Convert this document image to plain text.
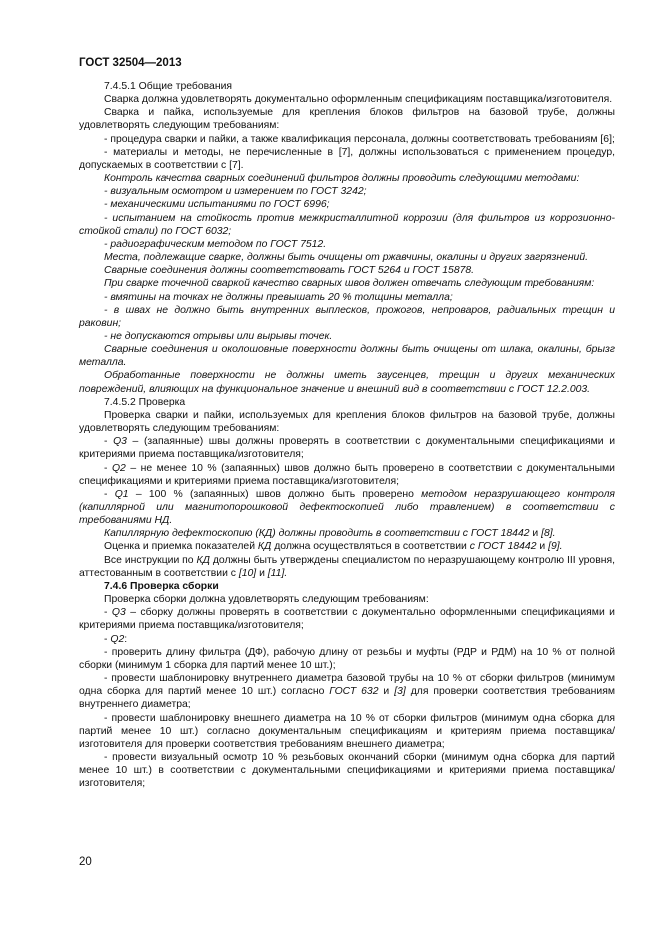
ГОСТ 32504—2013

7.4.5.1 Общие требования

Сварка должна удовлетворять документально оформленным спецификациям поставщика/изготовителя.

Сварка и пайка, используемые для крепления блоков фильтров на базовой трубе, должны удовлетворять следующим требованиям:

- процедура сварки и пайки, а также квалификация персонала, должны соответствовать требованиям [6];

- материалы и методы, не перечисленные в [7], должны использоваться с применением процедур, допускаемых в соответствии с [7].

Контроль качества сварных соединений фильтров должны проводить следующими методами:

- визуальным осмотром и измерением по ГОСТ 3242;

- механическими испытаниями по ГОСТ 6996;

- испытанием на стойкость против межкристаллитной коррозии (для фильтров из коррозионно-стойкой стали) по ГОСТ 6032;

- радиографическим методом по ГОСТ 7512.

Места, подлежащие сварке, должны быть очищены от ржавчины, окалины и других загрязнений.

Сварные соединения должны соответствовать ГОСТ 5264 и ГОСТ 15878.

При сварке точечной сваркой качество сварных швов должен отвечать следующим требованиям:

- вмятины на точках не должны превышать 20 % толщины металла;

- в швах не должно быть внутренних выплесков, прожогов, непроваров, радиальных трещин и раковин;

- не допускаются отрывы или вырывы точек.

Сварные соединения и околошовные поверхности должны быть очищены от шлака, окалины, брызг металла.

Обработанные поверхности не должны иметь заусенцев, трещин и других механических повреждений, влияющих на функциональное значение и внешний вид в соответствии с ГОСТ 12.2.003.

7.4.5.2 Проверка

Проверка сварки и пайки, используемых для крепления блоков фильтров на базовой трубе, должны удовлетворять следующим требованиям:

- Q3 – (запаянные) швы должны проверять в соответствии с документальными спецификациями и критериями приема поставщика/изготовителя;

- Q2 – не менее 10 % (запаянных) швов должно быть проверено в соответствии с документальными спецификациями и критериями приема поставщика/изготовителя;

- Q1 – 100 % (запаянных) швов должно быть проверено методом неразрушающего контроля (капиллярной или магнитопорошковой дефектоскопией либо травлением) в соответствии с требованиями НД.

Капиллярную дефектоскопию (КД) должны проводить в соответствии с ГОСТ 18442 и [8].

Оценка и приемка показателей КД должна осуществляться в соответствии с ГОСТ 18442 и [9].

Все инструкции по КД должны быть утверждены специалистом по неразрушающему контролю III уровня, аттестованным в соответствии с [10] и [11].

7.4.6 Проверка сборки

Проверка сборки должна удовлетворять следующим требованиям:

- Q3 – сборку должны проверять в соответствии с документально оформленными спецификациями и критериями приема поставщика/изготовителя;

- Q2:

- проверить длину фильтра (ДФ), рабочую длину от резьбы и муфты (РДР и РДМ) на 10 % от полной сборки (минимум 1 сборка для партий менее 10 шт.);

- провести шаблонировку внутреннего диаметра базовой трубы на 10 % от сборки фильтров (минимум одна сборка для партий менее 10 шт.) согласно ГОСТ 632 и [3] для проверки соответствия требованиям внутреннего диаметра;

- провести шаблонировку внешнего диаметра на 10 % от сборки фильтров (минимум одна сборка для партий менее 10 шт.) согласно документальным спецификациям и критериям приема поставщика/изготовителя для проверки соответствия требованиям внешнего диаметра;

- провести визуальный осмотр 10 % резьбовых окончаний сборки (минимум одна сборка для партий менее 10 шт.) в соответствии с документальными спецификациями и критериями приема поставщика/изготовителя;

20
